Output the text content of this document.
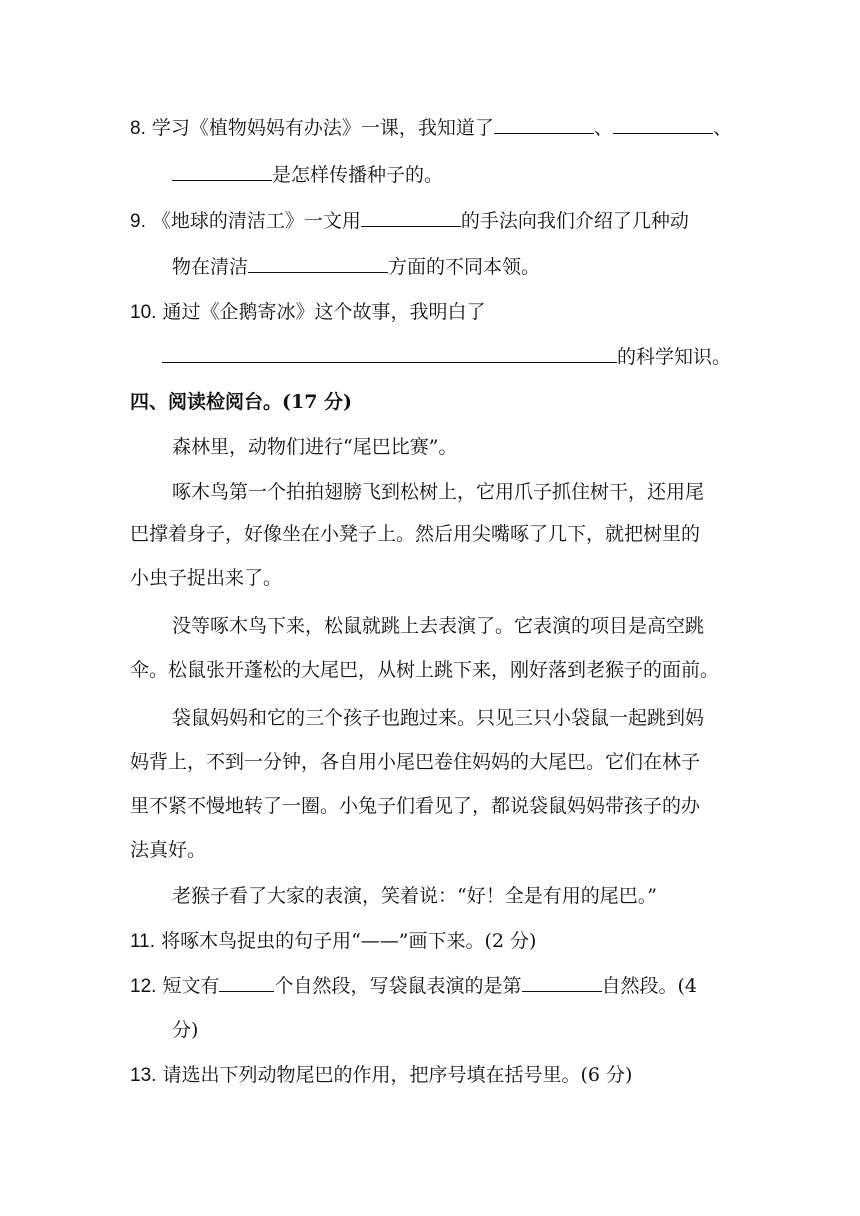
8. 学习《植物妈妈有办法》一课，我知道了	、	、
是怎样传播种子的。
9. 《地球的清洁工》一文用	的手法向我们介绍了几种动
物在清洁	方面的不同本领。
10. 通过《企鹅寄冰》这个故事，我明白了
的科学知识。
四、阅读检阅台。(17 分)
森林里，动物们进行“尾巴比赛”。
啄木鸟第一个拍拍翅膀飞到松树上，它用爪子抓住树干，还用尾
巴撑着身子，好像坐在小凳子上。然后用尖嘴啄了几下，就把树里的
小虫子捉出来了。
没等啄木鸟下来，松鼠就跳上去表演了。它表演的项目是高空跳
伞。松鼠张开蓬松的大尾巴，从树上跳下来，刚好落到老猴子的面前。
袋鼠妈妈和它的三个孩子也跑过来。只见三只小袋鼠一起跳到妈
妈背上，不到一分钟，各自用小尾巴卷住妈妈的大尾巴。它们在林子
里不紧不慢地转了一圈。小兔子们看见了，都说袋鼠妈妈带孩子的办
法真好。
老猴子看了大家的表演，笑着说：“好！全是有用的尾巴。”
11. 将啄木鸟捉虫的句子用“——”画下来。(2 分)
12. 短文有	个自然段，写袋鼠表演的是第	自然段。(4
分)
13. 请选出下列动物尾巴的作用，把序号填在括号里。(6 分)
